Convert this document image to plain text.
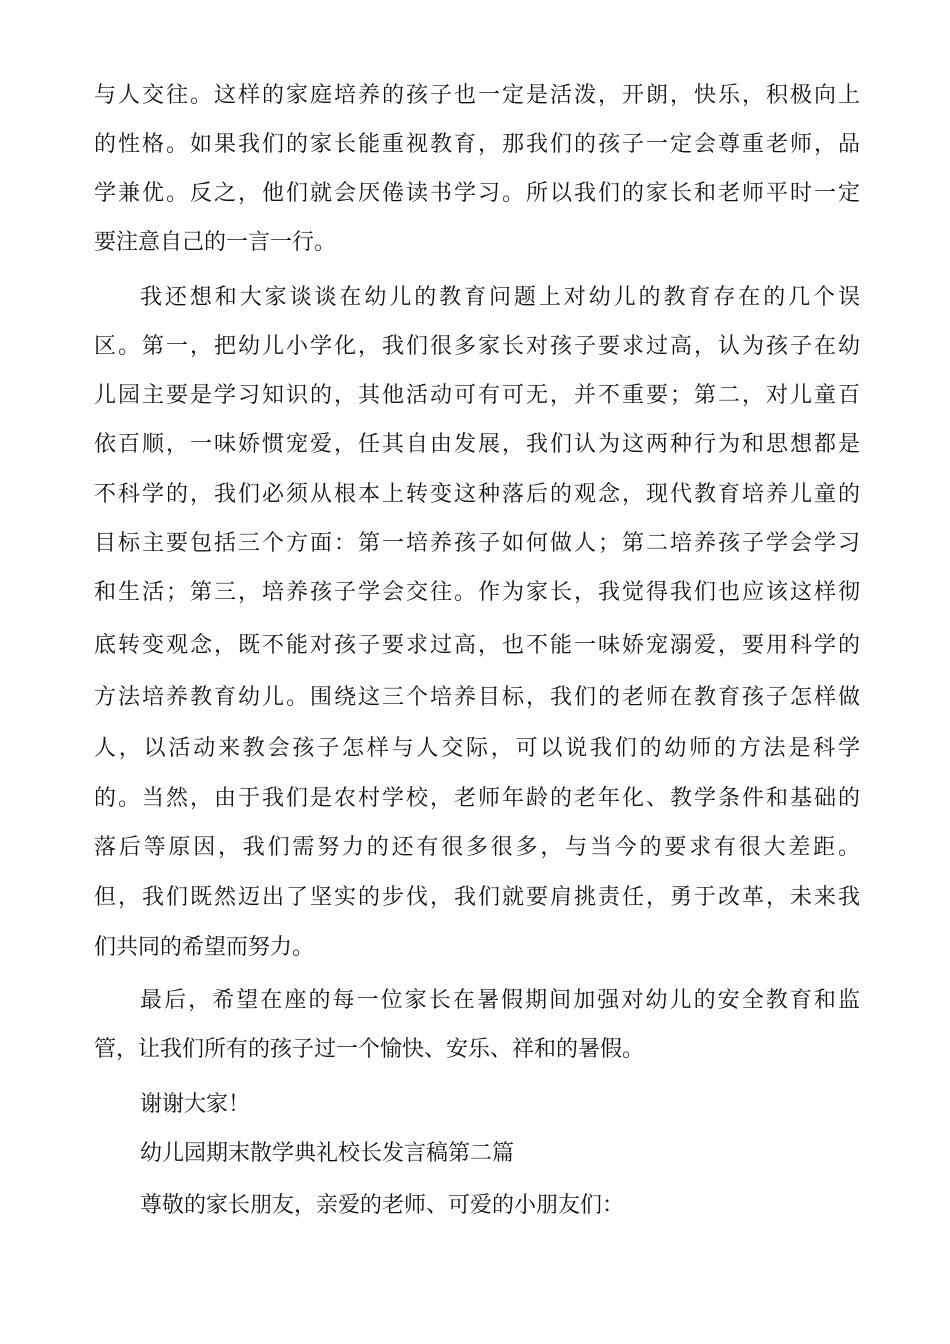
与人交往。这样的家庭培养的孩子也一定是活泼，开朗，快乐，积极向上
的性格。如果我们的家长能重视教育，那我们的孩子一定会尊重老师，品
学兼优。反之，他们就会厌倦读书学习。所以我们的家长和老师平时一定
要注意自己的一言一行。
我还想和大家谈谈在幼儿的教育问题上对幼儿的教育存在的几个误
区。第一，把幼儿小学化，我们很多家长对孩子要求过高，认为孩子在幼
儿园主要是学习知识的，其他活动可有可无，并不重要；第二，对儿童百
依百顺，一味娇惯宠爱，任其自由发展，我们认为这两种行为和思想都是
不科学的，我们必须从根本上转变这种落后的观念，现代教育培养儿童的
目标主要包括三个方面：第一培养孩子如何做人；第二培养孩子学会学习
和生活；第三，培养孩子学会交往。作为家长，我觉得我们也应该这样彻
底转变观念，既不能对孩子要求过高，也不能一味娇宠溺爱，要用科学的
方法培养教育幼儿。围绕这三个培养目标，我们的老师在教育孩子怎样做
人，以活动来教会孩子怎样与人交际，可以说我们的幼师的方法是科学
的。当然，由于我们是农村学校，老师年龄的老年化、教学条件和基础的
落后等原因，我们需努力的还有很多很多，与当今的要求有很大差距。
但，我们既然迈出了坚实的步伐，我们就要肩挑责任，勇于改革，未来我
们共同的希望而努力。
最后，希望在座的每一位家长在暑假期间加强对幼儿的安全教育和监
管，让我们所有的孩子过一个愉快、安乐、祥和的暑假。
谢谢大家！
幼儿园期末散学典礼校长发言稿第二篇
尊敬的家长朋友，亲爱的老师、可爱的小朋友们：
